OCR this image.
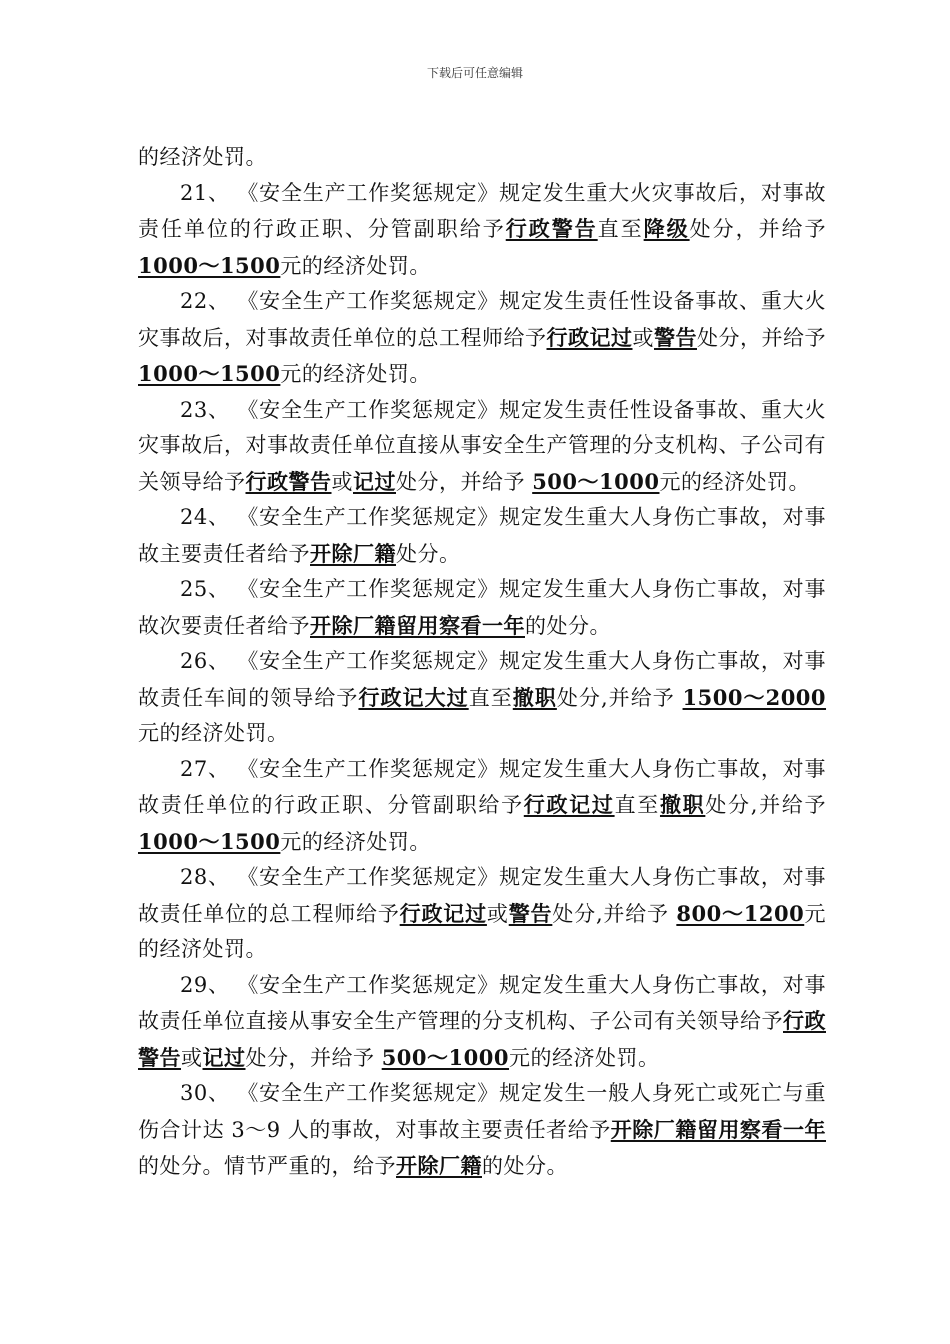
下载后可任意编辑

的经济处罚。

21、 《安全生产工作奖惩规定》规定发生重大火灾事故后，对事故责任单位的行政正职、分管副职给予行政警告直至降级处分，并给予1000～1500元的经济处罚。

22、 《安全生产工作奖惩规定》规定发生责任性设备事故、重大火灾事故后，对事故责任单位的总工程师给予行政记过或警告处分，并给予1000～1500元的经济处罚。

23、 《安全生产工作奖惩规定》规定发生责任性设备事故、重大火灾事故后，对事故责任单位直接从事安全生产管理的分支机构、子公司有关领导给予行政警告或记过处分，并给予 500～1000元的经济处罚。

24、 《安全生产工作奖惩规定》规定发生重大人身伤亡事故，对事故主要责任者给予开除厂籍处分。

25、 《安全生产工作奖惩规定》规定发生重大人身伤亡事故，对事故次要责任者给予开除厂籍留用察看一年的处分。

26、 《安全生产工作奖惩规定》规定发生重大人身伤亡事故，对事故责任车间的领导给予行政记大过直至撤职处分,并给予 1500～2000元的经济处罚。

27、 《安全生产工作奖惩规定》规定发生重大人身伤亡事故，对事故责任单位的行政正职、分管副职给予行政记过直至撤职处分,并给予1000～1500元的经济处罚。

28、 《安全生产工作奖惩规定》规定发生重大人身伤亡事故，对事故责任单位的总工程师给予行政记过或警告处分,并给予 800～1200元的经济处罚。

29、 《安全生产工作奖惩规定》规定发生重大人身伤亡事故，对事故责任单位直接从事安全生产管理的分支机构、子公司有关领导给予行政警告或记过处分，并给予 500～1000元的经济处罚。

30、 《安全生产工作奖惩规定》规定发生一般人身死亡或死亡与重伤合计达 3～9 人的事故，对事故主要责任者给予开除厂籍留用察看一年的处分。情节严重的，给予开除厂籍的处分。
